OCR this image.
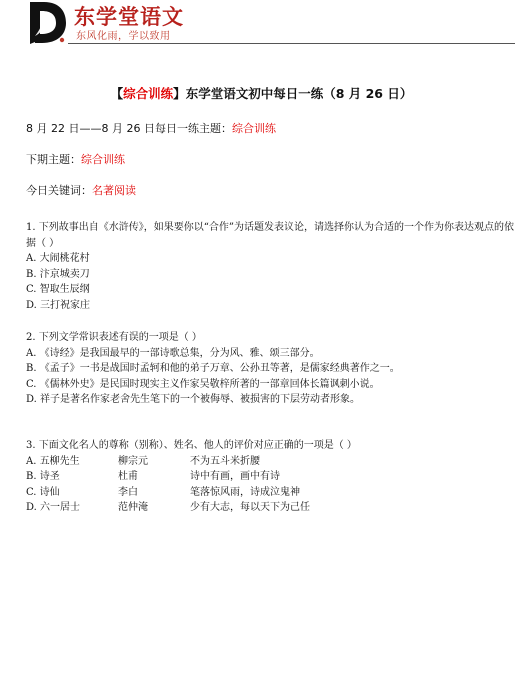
东学堂语文
东风化雨，学以致用
【综合训练】东学堂语文初中每日一练（8 月 26 日）
8 月 22 日——8 月 26 日每日一练主题：综合训练
下期主题：综合训练
今日关键词：名著阅读

1. 下列故事出自《水浒传》，如果要你以“合作”为话题发表议论，请选择你认为合适的一个作为你表达观点的依据（ ）

A. 大闹桃花村

B. 汴京城卖刀

C. 智取生辰纲

D. 三打祝家庄

2. 下列文学常识表述有误的一项是（ ）

A. 《诗经》是我国最早的一部诗歌总集，分为风、雅、颂三部分。

B. 《孟子》一书是战国时孟轲和他的弟子万章、公孙丑等著，是儒家经典著作之一。

C. 《儒林外史》是民国时现实主义作家吴敬梓所著的一部章回体长篇讽刺小说。

D. 祥子是著名作家老舍先生笔下的一个被侮辱、被损害的下层劳动者形象。

3. 下面文化名人的尊称（别称）、姓名、他人的评价对应正确的一项是（ ）

A. 五柳先生	柳宗元	不为五斗米折腰

B. 诗圣	杜甫	诗中有画，画中有诗

C. 诗仙	李白	笔落惊风雨，诗成泣鬼神

D. 六一居士	范仲淹	少有大志，每以天下为己任
